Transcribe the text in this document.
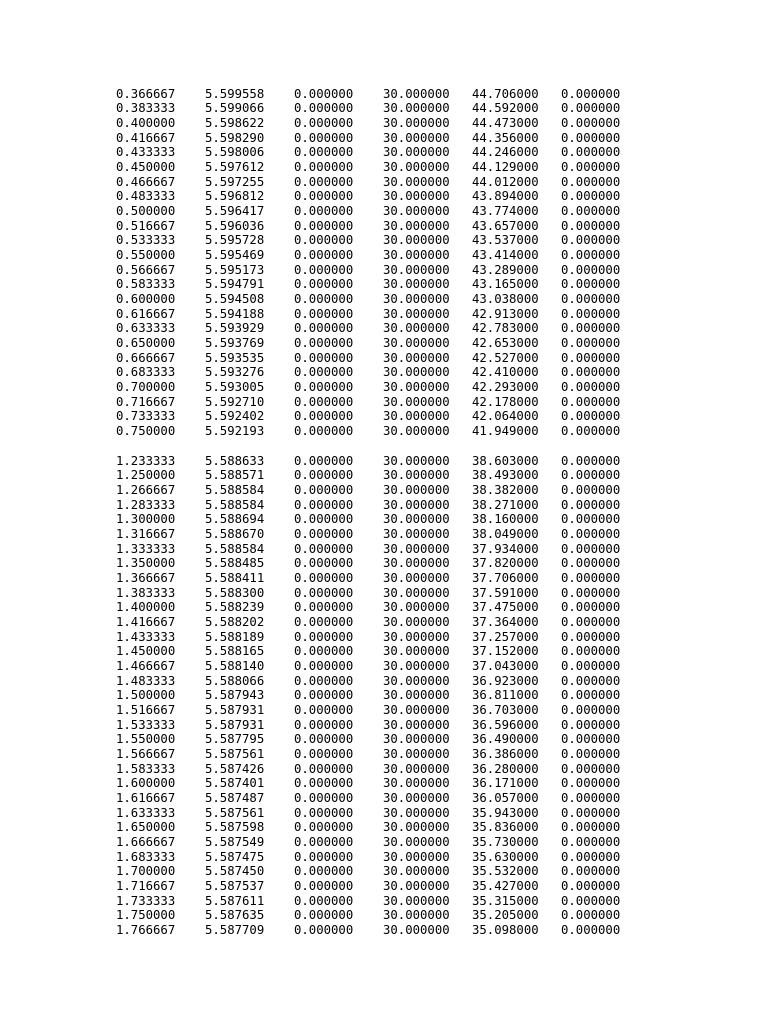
0.366667	5.599558	0.000000	30.000000	44.706000	0.000000
0.383333	5.599066	0.000000	30.000000	44.592000	0.000000
0.400000	5.598622	0.000000	30.000000	44.473000	0.000000
0.416667	5.598290	0.000000	30.000000	44.356000	0.000000
0.433333	5.598006	0.000000	30.000000	44.246000	0.000000
0.450000	5.597612	0.000000	30.000000	44.129000	0.000000
0.466667	5.597255	0.000000	30.000000	44.012000	0.000000
0.483333	5.596812	0.000000	30.000000	43.894000	0.000000
0.500000	5.596417	0.000000	30.000000	43.774000	0.000000
0.516667	5.596036	0.000000	30.000000	43.657000	0.000000
0.533333	5.595728	0.000000	30.000000	43.537000	0.000000
0.550000	5.595469	0.000000	30.000000	43.414000	0.000000
0.566667	5.595173	0.000000	30.000000	43.289000	0.000000
0.583333	5.594791	0.000000	30.000000	43.165000	0.000000
0.600000	5.594508	0.000000	30.000000	43.038000	0.000000
0.616667	5.594188	0.000000	30.000000	42.913000	0.000000
0.633333	5.593929	0.000000	30.000000	42.783000	0.000000
0.650000	5.593769	0.000000	30.000000	42.653000	0.000000
0.666667	5.593535	0.000000	30.000000	42.527000	0.000000
0.683333	5.593276	0.000000	30.000000	42.410000	0.000000
0.700000	5.593005	0.000000	30.000000	42.293000	0.000000
0.716667	5.592710	0.000000	30.000000	42.178000	0.000000
0.733333	5.592402	0.000000	30.000000	42.064000	0.000000
0.750000	5.592193	0.000000	30.000000	41.949000	0.000000
1.233333	5.588633	0.000000	30.000000	38.603000	0.000000
1.250000	5.588571	0.000000	30.000000	38.493000	0.000000
1.266667	5.588584	0.000000	30.000000	38.382000	0.000000
1.283333	5.588584	0.000000	30.000000	38.271000	0.000000
1.300000	5.588694	0.000000	30.000000	38.160000	0.000000
1.316667	5.588670	0.000000	30.000000	38.049000	0.000000
1.333333	5.588584	0.000000	30.000000	37.934000	0.000000
1.350000	5.588485	0.000000	30.000000	37.820000	0.000000
1.366667	5.588411	0.000000	30.000000	37.706000	0.000000
1.383333	5.588300	0.000000	30.000000	37.591000	0.000000
1.400000	5.588239	0.000000	30.000000	37.475000	0.000000
1.416667	5.588202	0.000000	30.000000	37.364000	0.000000
1.433333	5.588189	0.000000	30.000000	37.257000	0.000000
1.450000	5.588165	0.000000	30.000000	37.152000	0.000000
1.466667	5.588140	0.000000	30.000000	37.043000	0.000000
1.483333	5.588066	0.000000	30.000000	36.923000	0.000000
1.500000	5.587943	0.000000	30.000000	36.811000	0.000000
1.516667	5.587931	0.000000	30.000000	36.703000	0.000000
1.533333	5.587931	0.000000	30.000000	36.596000	0.000000
1.550000	5.587795	0.000000	30.000000	36.490000	0.000000
1.566667	5.587561	0.000000	30.000000	36.386000	0.000000
1.583333	5.587426	0.000000	30.000000	36.280000	0.000000
1.600000	5.587401	0.000000	30.000000	36.171000	0.000000
1.616667	5.587487	0.000000	30.000000	36.057000	0.000000
1.633333	5.587561	0.000000	30.000000	35.943000	0.000000
1.650000	5.587598	0.000000	30.000000	35.836000	0.000000
1.666667	5.587549	0.000000	30.000000	35.730000	0.000000
1.683333	5.587475	0.000000	30.000000	35.630000	0.000000
1.700000	5.587450	0.000000	30.000000	35.532000	0.000000
1.716667	5.587537	0.000000	30.000000	35.427000	0.000000
1.733333	5.587611	0.000000	30.000000	35.315000	0.000000
1.750000	5.587635	0.000000	30.000000	35.205000	0.000000
1.766667	5.587709	0.000000	30.000000	35.098000	0.000000
